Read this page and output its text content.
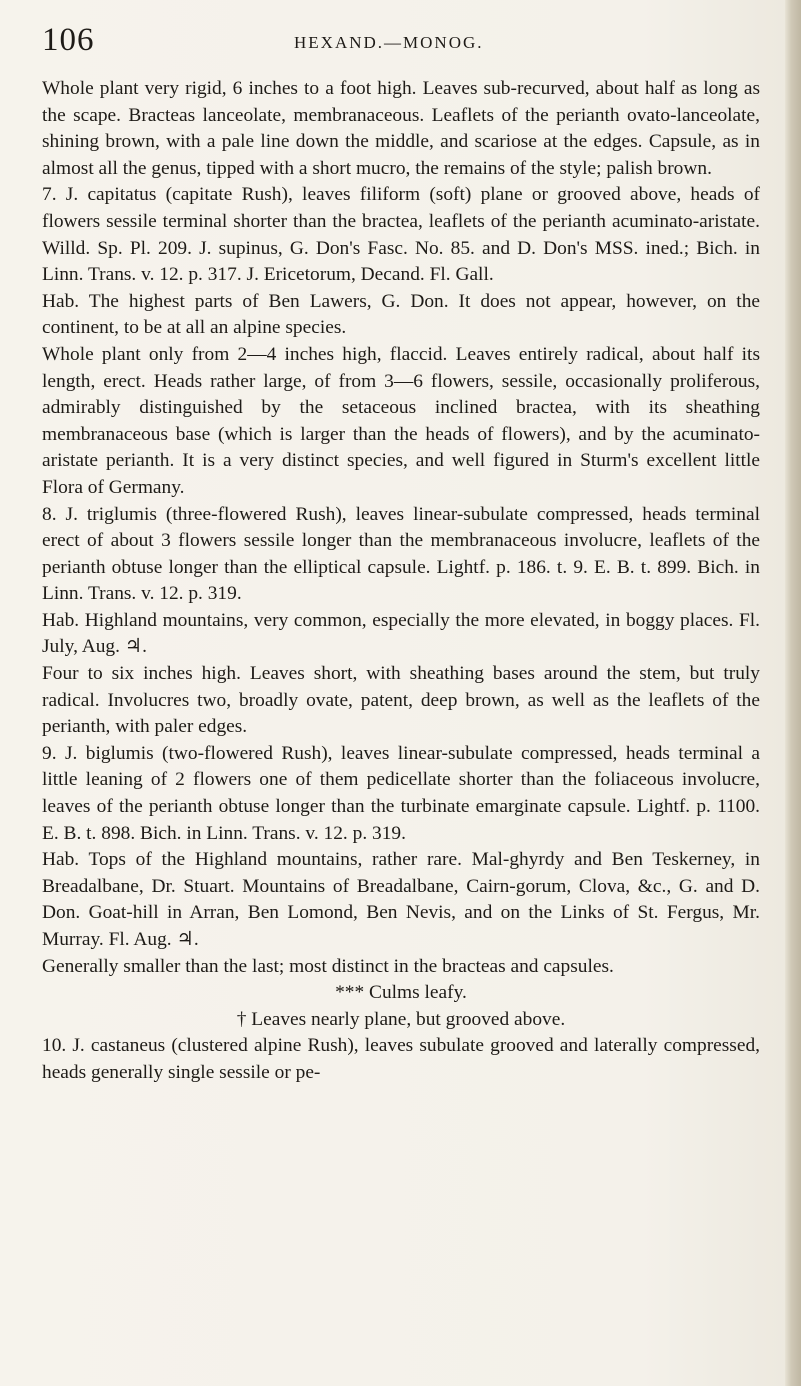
106	HEXAND.—MONOG.

Whole plant very rigid, 6 inches to a foot high. Leaves sub-recurved, about half as long as the scape. Bracteas lanceolate, membranaceous. Leaflets of the perianth ovato-lanceolate, shining brown, with a pale line down the middle, and scariose at the edges. Capsule, as in almost all the genus, tipped with a short mucro, the remains of the style; palish brown.

7. J. capitatus (capitate Rush), leaves filiform (soft) plane or grooved above, heads of flowers sessile terminal shorter than the bractea, leaflets of the perianth acuminato-aristate. Willd. Sp. Pl. 209. J. supinus, G. Don's Fasc. No. 85. and D. Don's MSS. ined.; Bich. in Linn. Trans. v. 12. p. 317. J. Ericetorum, Decand. Fl. Gall.

Hab. The highest parts of Ben Lawers, G. Don. It does not appear, however, on the continent, to be at all an alpine species.

Whole plant only from 2—4 inches high, flaccid. Leaves entirely radical, about half its length, erect. Heads rather large, of from 3—6 flowers, sessile, occasionally proliferous, admirably distinguished by the setaceous inclined bractea, with its sheathing membranaceous base (which is larger than the heads of flowers), and by the acuminato-aristate perianth. It is a very distinct species, and well figured in Sturm's excellent little Flora of Germany.

8. J. triglumis (three-flowered Rush), leaves linear-subulate compressed, heads terminal erect of about 3 flowers sessile longer than the membranaceous involucre, leaflets of the perianth obtuse longer than the elliptical capsule. Lightf. p. 186. t. 9. E. B. t. 899. Bich. in Linn. Trans. v. 12. p. 319.

Hab. Highland mountains, very common, especially the more elevated, in boggy places. Fl. July, Aug. ♃.

Four to six inches high. Leaves short, with sheathing bases around the stem, but truly radical. Involucres two, broadly ovate, patent, deep brown, as well as the leaflets of the perianth, with paler edges.

9. J. biglumis (two-flowered Rush), leaves linear-subulate compressed, heads terminal a little leaning of 2 flowers one of them pedicellate shorter than the foliaceous involucre, leaves of the perianth obtuse longer than the turbinate emarginate capsule. Lightf. p. 1100. E. B. t. 898. Bich. in Linn. Trans. v. 12. p. 319.

Hab. Tops of the Highland mountains, rather rare. Mal-ghyrdy and Ben Teskerney, in Breadalbane, Dr. Stuart. Mountains of Breadalbane, Cairn-gorum, Clova, &c., G. and D. Don. Goat-hill in Arran, Ben Lomond, Ben Nevis, and on the Links of St. Fergus, Mr. Murray. Fl. Aug. ♃.

Generally smaller than the last; most distinct in the bracteas and capsules.

*** Culms leafy.

† Leaves nearly plane, but grooved above.

10. J. castaneus (clustered alpine Rush), leaves subulate grooved and laterally compressed, heads generally single sessile or pe-
